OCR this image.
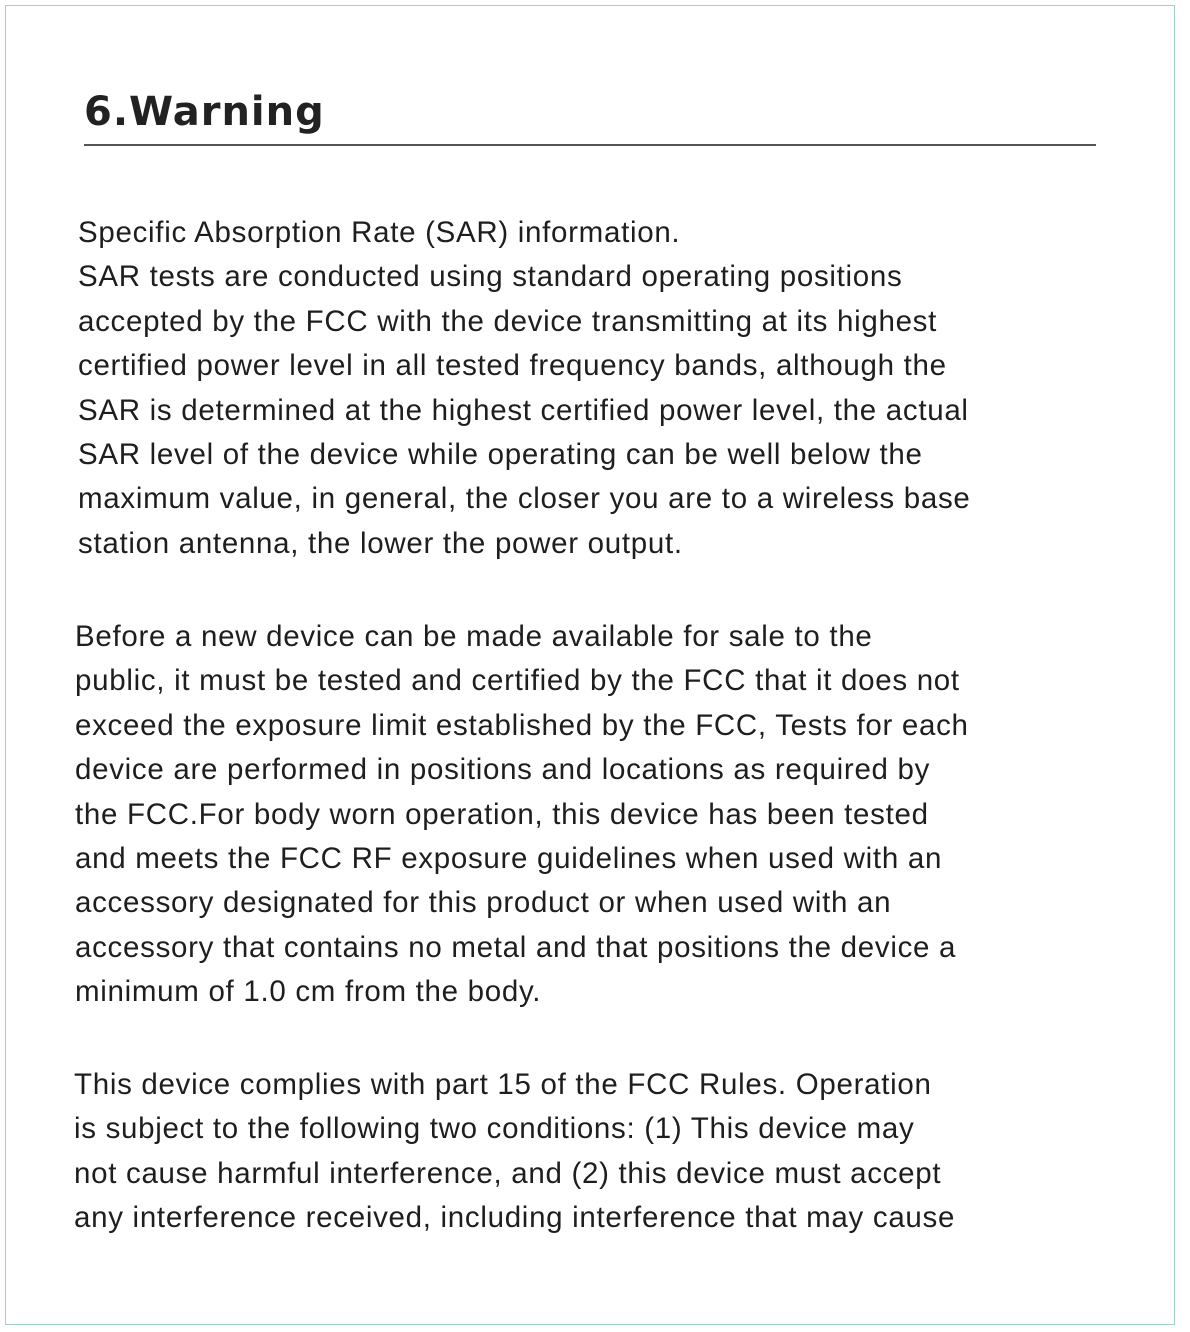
6.Warning
Specific Absorption Rate (SAR) information.
SAR tests are conducted using standard operating positions
accepted by the FCC with the device transmitting at its highest
certified power level in all tested frequency bands, although the
SAR is determined at the highest certified power level, the actual
SAR level of the device while operating can be well below the
maximum value, in general, the closer you are to a wireless base
station antenna, the lower the power output.
Before a new device can be made available for sale to the
public, it must be tested and certified by the FCC that it does not
exceed the exposure limit established by the FCC, Tests for each
device are performed in positions and locations as required by
the FCC.For body worn operation, this device has been tested
and meets the FCC RF exposure guidelines when used with an
accessory designated for this product or when used with an
accessory that contains no metal and that positions the device a
minimum of 1.0 cm from the body.
This device complies with part 15 of the FCC Rules. Operation
is subject to the following two conditions: (1) This device may
not cause harmful interference, and (2) this device must accept
any interference received, including interference that may cause
